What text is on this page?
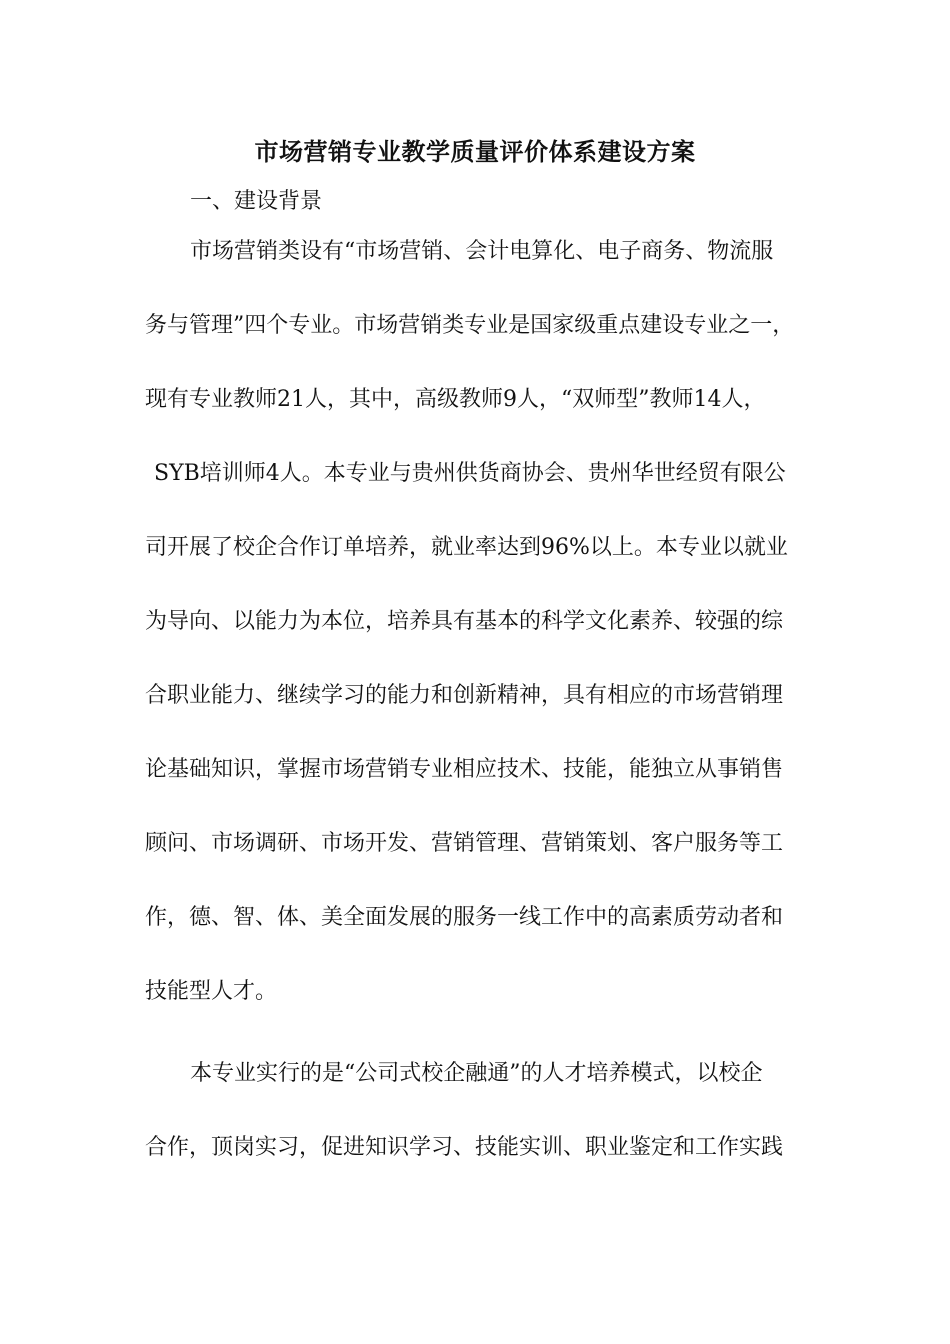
市场营销专业教学质量评价体系建设方案
一、建设背景
市场营销类设有“市场营销、会计电算化、电子商务、物流服
务与管理”四个专业。市场营销类专业是国家级重点建设专业之一，
现有专业教师21人，其中，高级教师9人，“双师型”教师14人，
SYB培训师4人。本专业与贵州供货商协会、贵州华世经贸有限公
司开展了校企合作订单培养，就业率达到96%以上。本专业以就业
为导向、以能力为本位，培养具有基本的科学文化素养、较强的综
合职业能力、继续学习的能力和创新精神，具有相应的市场营销理
论基础知识，掌握市场营销专业相应技术、技能，能独立从事销售
顾问、市场调研、市场开发、营销管理、营销策划、客户服务等工
作，德、智、体、美全面发展的服务一线工作中的高素质劳动者和
技能型人才。
本专业实行的是“公司式校企融通”的人才培养模式，以校企
合作，顶岗实习，促进知识学习、技能实训、职业鉴定和工作实践
